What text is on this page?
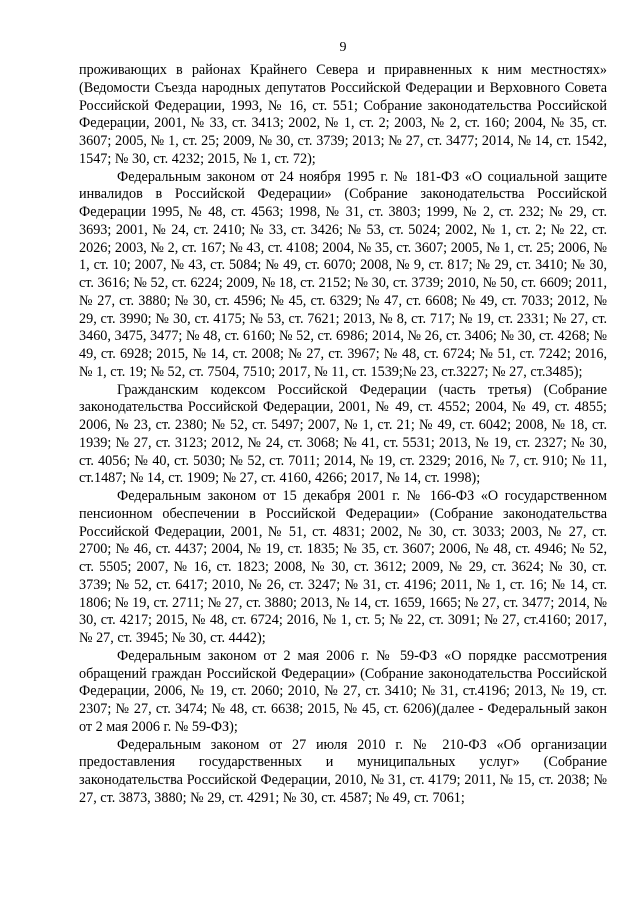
9

проживающих в районах Крайнего Севера и приравненных к ним местностях» (Ведомости Съезда народных депутатов Российской Федерации и Верховного Совета Российской Федерации, 1993, № 16, ст. 551; Собрание законодательства Российской Федерации, 2001, № 33, ст. 3413; 2002, № 1, ст. 2; 2003, № 2, ст. 160; 2004, № 35, ст. 3607; 2005, № 1, ст. 25; 2009, № 30, ст. 3739; 2013; № 27, ст. 3477; 2014, № 14, ст. 1542, 1547; № 30, ст. 4232; 2015, № 1, ст. 72);

Федеральным законом от 24 ноября 1995 г. № 181-ФЗ «О социальной защите инвалидов в Российской Федерации» (Собрание законодательства Российской Федерации 1995, № 48, ст. 4563; 1998, № 31, ст. 3803; 1999, № 2, ст. 232; № 29, ст. 3693; 2001, № 24, ст. 2410; № 33, ст. 3426; № 53, ст. 5024; 2002, № 1, ст. 2; № 22, ст. 2026; 2003, № 2, ст. 167; № 43, ст. 4108; 2004, № 35, ст. 3607; 2005, № 1, ст. 25; 2006, № 1, ст. 10; 2007, № 43, ст. 5084; № 49, ст. 6070; 2008, № 9, ст. 817; № 29, ст. 3410; № 30, ст. 3616; № 52, ст. 6224; 2009, № 18, ст. 2152; № 30, ст. 3739; 2010, № 50, ст. 6609; 2011, № 27, ст. 3880; № 30, ст. 4596; № 45, ст. 6329; № 47, ст. 6608; № 49, ст. 7033; 2012, № 29, ст. 3990; № 30, ст. 4175; № 53, ст. 7621; 2013, № 8, ст. 717; № 19, ст. 2331; № 27, ст. 3460, 3475, 3477; № 48, ст. 6160; № 52, ст. 6986; 2014, № 26, ст. 3406; № 30, ст. 4268; № 49, ст. 6928; 2015, № 14, ст. 2008; № 27, ст. 3967; № 48, ст. 6724; № 51, ст. 7242; 2016, № 1, ст. 19; № 52, ст. 7504, 7510; 2017, № 11, ст. 1539;№ 23, ст.3227; № 27, ст.3485);

Гражданским кодексом Российской Федерации (часть третья) (Собрание законодательства Российской Федерации, 2001, № 49, ст. 4552; 2004, № 49, ст. 4855; 2006, № 23, ст. 2380; № 52, ст. 5497; 2007, № 1, ст. 21; № 49, ст. 6042; 2008, № 18, ст. 1939; № 27, ст. 3123; 2012, № 24, ст. 3068; № 41, ст. 5531; 2013, № 19, ст. 2327; № 30, ст. 4056; № 40, ст. 5030; № 52, ст. 7011; 2014, № 19, ст. 2329; 2016, № 7, ст. 910; № 11, ст.1487; № 14, ст. 1909; № 27, ст. 4160, 4266; 2017, № 14, ст. 1998);

Федеральным законом от 15 декабря 2001 г. № 166-ФЗ «О государственном пенсионном обеспечении в Российской Федерации» (Собрание законодательства Российской Федерации, 2001, № 51, ст. 4831; 2002, № 30, ст. 3033; 2003, № 27, ст. 2700; № 46, ст. 4437; 2004, № 19, ст. 1835; № 35, ст. 3607; 2006, № 48, ст. 4946; № 52, ст. 5505; 2007, № 16, ст. 1823; 2008, № 30, ст. 3612; 2009, № 29, ст. 3624; № 30, ст. 3739; № 52, ст. 6417; 2010, № 26, ст. 3247; № 31, ст. 4196; 2011, № 1, ст. 16; № 14, ст. 1806; № 19, ст. 2711; № 27, ст. 3880; 2013, № 14, ст. 1659, 1665; № 27, ст. 3477; 2014, № 30, ст. 4217; 2015, № 48, ст. 6724; 2016, № 1, ст. 5; № 22, ст. 3091; № 27, ст.4160; 2017, № 27, ст. 3945; № 30, ст. 4442);

Федеральным законом от 2 мая 2006 г. № 59-ФЗ «О порядке рассмотрения обращений граждан Российской Федерации» (Собрание законодательства Российской Федерации, 2006, № 19, ст. 2060; 2010, № 27, ст. 3410; № 31, ст.4196; 2013, № 19, ст. 2307; № 27, ст. 3474; № 48, ст. 6638; 2015, № 45, ст. 6206)(далее - Федеральный закон от 2 мая 2006 г. № 59-ФЗ);

Федеральным законом от 27 июля 2010 г. № 210-ФЗ «Об организации предоставления государственных и муниципальных услуг» (Собрание законодательства Российской Федерации, 2010, № 31, ст. 4179; 2011, № 15, ст. 2038; № 27, ст. 3873, 3880; № 29, ст. 4291; № 30, ст. 4587; № 49, ст. 7061;
